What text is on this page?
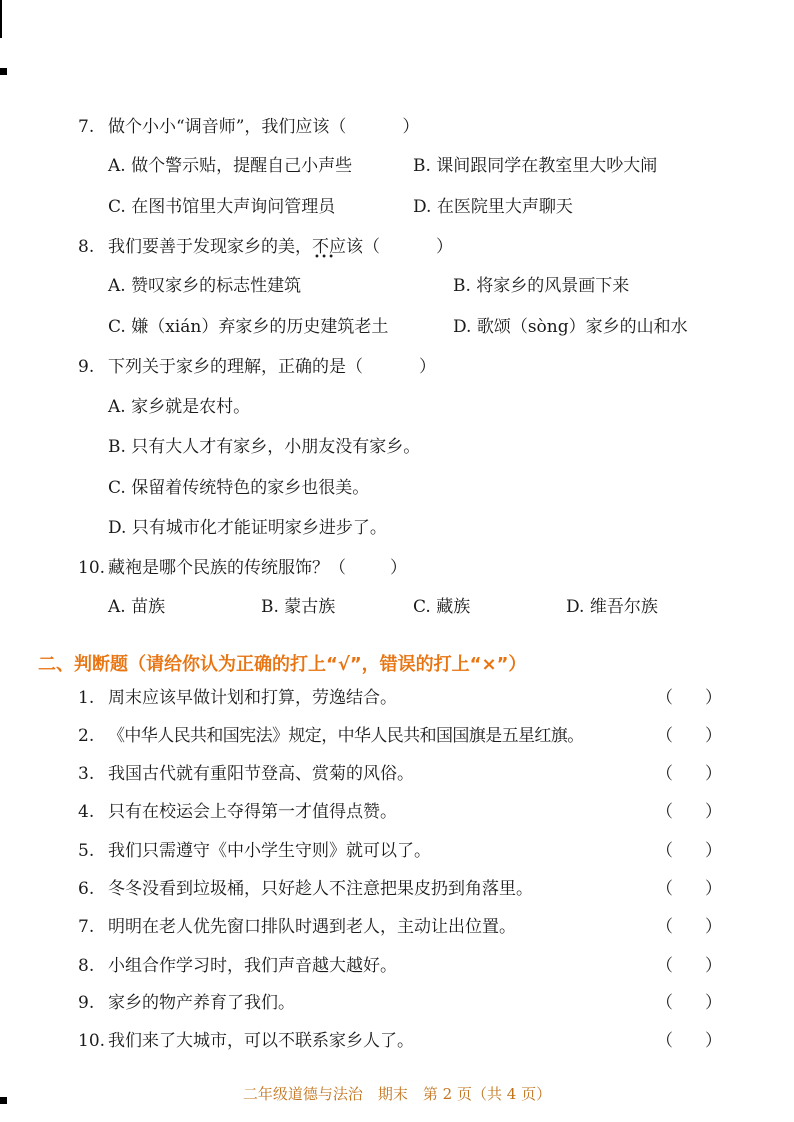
7. 做个小小“调音师”，我们应该（	）
A. 做个警示贴，提醒自己小声些	B. 课间跟同学在教室里大吵大闹
C. 在图书馆里大声询问管理员	D. 在医院里大声聊天
8. 我们要善于发现家乡的美，不应该 • • •（	）
A. 赞叹家乡的标志性建筑	B. 将家乡的风景画下来
C. 嫌（xián）弃家乡的历史建筑老土	D. 歌颂（sòng）家乡的山和水
9. 下列关于家乡的理解，正确的是（	）
A. 家乡就是农村。
B. 只有大人才有家乡，小朋友没有家乡。
C. 保留着传统特色的家乡也很美。
D. 只有城市化才能证明家乡进步了。
10. 藏袍是哪个民族的传统服饰？（	）
A. 苗族	B. 蒙古族	C. 藏族	D. 维吾尔族
二、判断题（请给你认为正确的打上“√”，错误的打上“×”）
1. 周末应该早做计划和打算，劳逸结合。	（ ）
2. 《中华人民共和国宪法》规定，中华人民共和国国旗是五星红旗。	（ ）
3. 我国古代就有重阳节登高、赏菊的风俗。	（ ）
4. 只有在校运会上夺得第一才值得点赞。	（ ）
5. 我们只需遵守《中小学生守则》就可以了。	（ ）
6. 冬冬没看到垃圾桶，只好趁人不注意把果皮扔到角落里。	（ ）
7. 明明在老人优先窗口排队时遇到老人，主动让出位置。	（ ）
8. 小组合作学习时，我们声音越大越好。	（ ）
9. 家乡的物产养育了我们。	（ ）
10. 我们来了大城市，可以不联系家乡人了。	（ ）
二年级道德与法治　期末　第 2 页（共 4 页）
